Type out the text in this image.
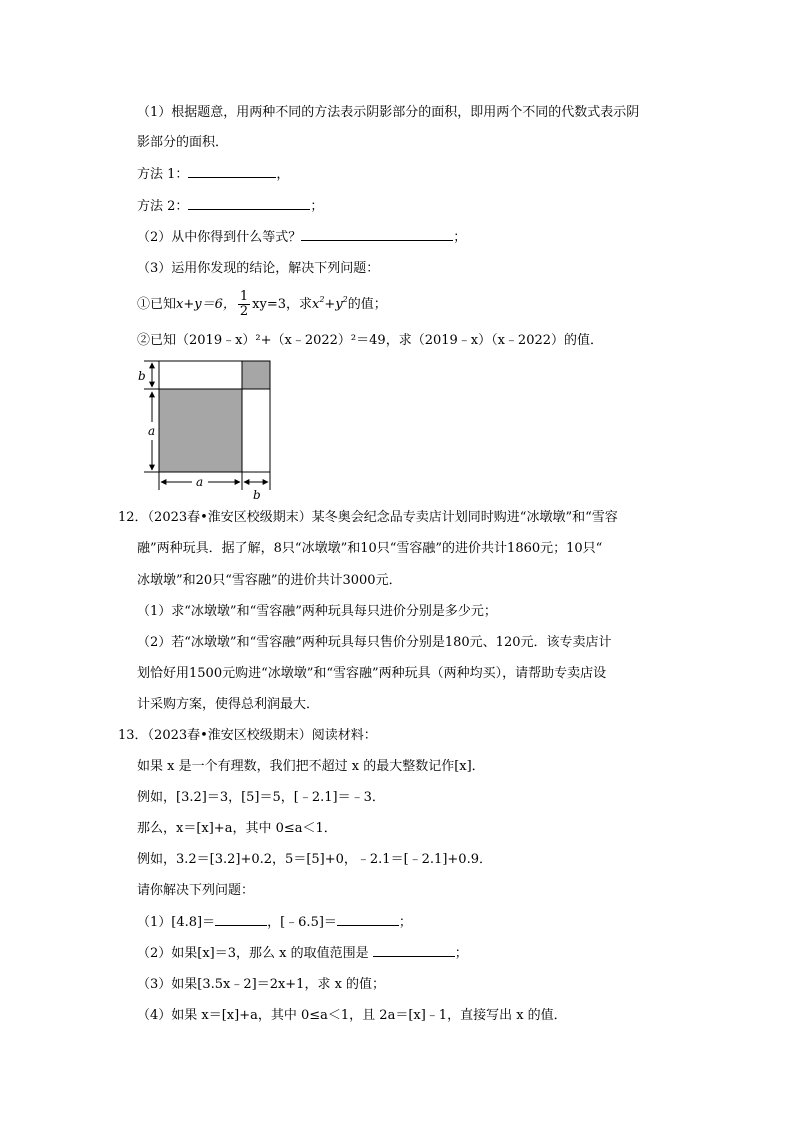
（1）根据题意，用两种不同的方法表示阴影部分的面积，即用两个不同的代数式表示阴
影部分的面积．
方法 1：	，
方法 2：	；
（2）从中你得到什么等式？	；
（3）运用你发现的结论，解决下列问题：
①已知x+y＝6， $\frac{1}{2} xy=3$，求$x^2+y^2$的值；
②已知（2019﹣x）²+（x﹣2022）²＝49，求（2019﹣x）（x﹣2022）的值．
b
a
a
b
12．（2023春•淮安区校级期末）某冬奥会纪念品专卖店计划同时购进“冰墩墩”和“雪容
融”两种玩具．据了解，8只“冰墩墩”和10只“雪容融”的进价共计1860元；10只“
冰墩墩”和20只“雪容融”的进价共计3000元．
（1）求“冰墩墩”和“雪容融”两种玩具每只进价分别是多少元；
（2）若“冰墩墩”和“雪容融”两种玩具每只售价分别是180元、120元．该专卖店计
划恰好用1500元购进“冰墩墩”和“雪容融”两种玩具（两种均买），请帮助专卖店设
计采购方案，使得总利润最大．
13．（2023春•淮安区校级期末）阅读材料：
如果 x 是一个有理数，我们把不超过 x 的最大整数记作[x]．
例如，[3.2]＝3，[5]＝5，[﹣2.1]＝﹣3．
那么，x＝[x]+a，其中 0≤a＜1．
例如，3.2＝[3.2]+0.2，5＝[5]+0，﹣2.1＝[﹣2.1]+0.9．
请你解决下列问题：
（1）[4.8]＝	，[﹣6.5]＝	；
（2）如果[x]＝3，那么 x 的取值范围是	；
（3）如果[3.5x﹣2]＝2x+1，求 x 的值；
（4）如果 x＝[x]+a，其中 0≤a＜1，且 2a＝[x]﹣1，直接写出 x 的值．
